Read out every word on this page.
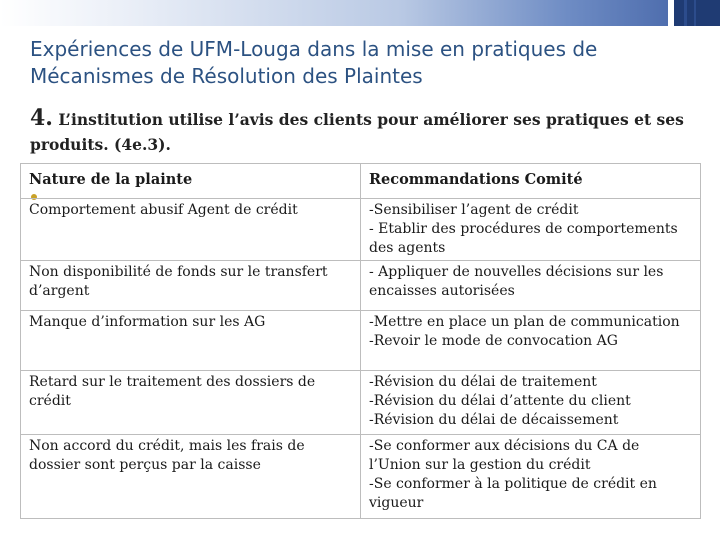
Expériences de UFM-Louga dans la mise en pratiques de
Mécanismes de Résolution des Plaintes
4. L’institution utilise l’avis des clients pour améliorer ses pratiques et ses produits. (4e.3).
Nature de la plainte	Recommandations Comité
Comportement abusif Agent de crédit	-Sensibiliser l’agent de crédit
- Etablir des procédures de comportements des agents

Non disponibilité de fonds sur le transfert d’argent	- Appliquer de nouvelles décisions sur les encaisses autorisées

Manque d’information sur les AG	-Mettre en place un plan de communication
-Revoir le mode de convocation AG

Retard sur le traitement des dossiers de crédit	-Révision du délai de traitement
-Révision du délai d’attente du client
-Révision du délai de décaissement

Non accord du crédit, mais les frais de dossier sont perçus par la caisse	-Se conformer aux décisions du CA de l’Union sur la gestion du crédit
-Se conformer à la politique de crédit en vigueur
